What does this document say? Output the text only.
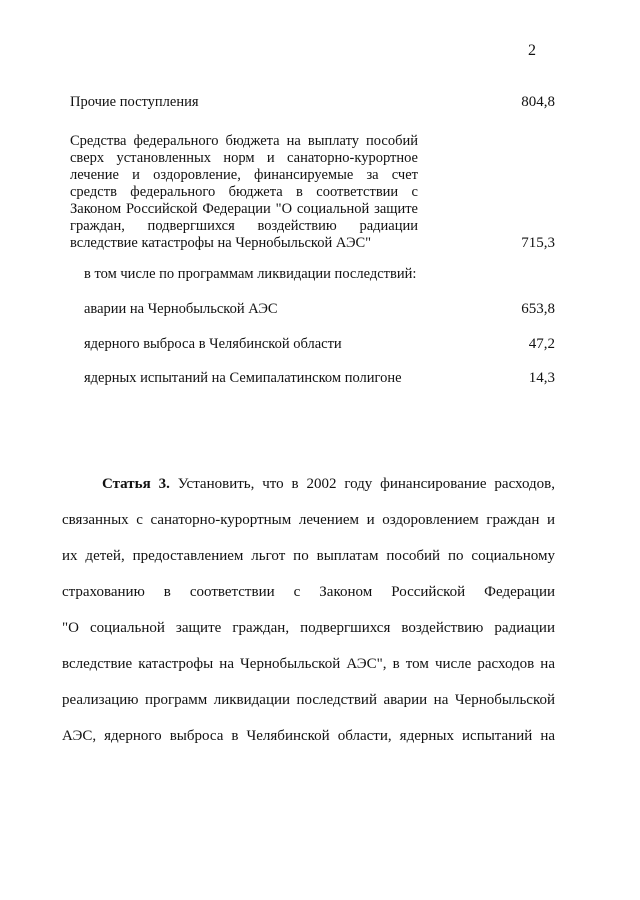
2
Прочие поступления	804,8
Средства федерального бюджета на выплату пособий сверх установленных норм и санаторно-курортное лечение и оздоровление, финансируемые за счет средств федерального бюджета в соответствии с Законом Российской Федерации "О социальной защите граждан, подвергшихся воздействию радиации вследствие катастрофы на Чернобыльской АЭС"	715,3
в том числе по программам ликвидации последствий:
аварии на Чернобыльской АЭС	653,8
ядерного выброса в Челябинской области	47,2
ядерных испытаний на Семипалатинском полигоне	14,3
Статья 3. Установить, что в 2002 году финансирование расходов,
связанных с санаторно-курортным лечением и оздоровлением граждан и
их детей, предоставлением льгот по выплатам пособий по социальному
страхованию в соответствии с Законом Российской Федерации
"О социальной защите граждан, подвергшихся воздействию радиации
вследствие катастрофы на Чернобыльской АЭС", в том числе расходов на
реализацию программ ликвидации последствий аварии на Чернобыльской
АЭС, ядерного выброса в Челябинской области, ядерных испытаний на
